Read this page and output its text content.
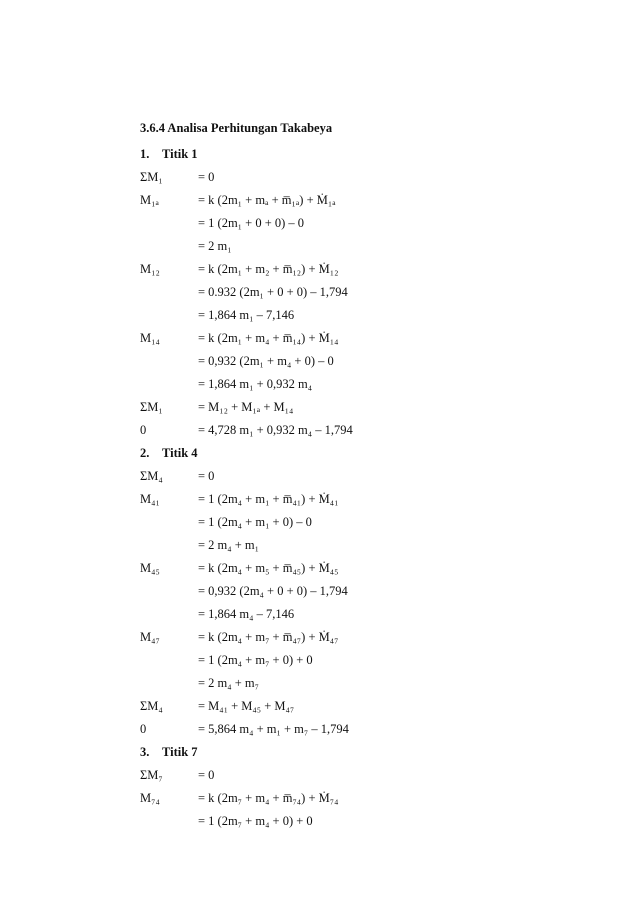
3.6.4 Analisa Perhitungan Takabeya
1. Titik 1
ΣM₁	= 0
M₁ₐ	= k (2m₁ + mₐ + m̅₁ₐ) + Ṁ₁ₐ
= 1 (2m₁ + 0 + 0) – 0
= 2 m₁
M₁₂	= k (2m₁ + m₂ + m̅₁₂) + Ṁ₁₂
= 0.932 (2m₁ + 0 + 0) – 1,794
= 1,864 m₁ – 7,146
M₁₄	= k (2m₁ + m₄ + m̅₁₄) + Ṁ₁₄
= 0,932 (2m₁ + m₄ + 0) – 0
= 1,864 m₁ + 0,932 m₄
ΣM₁	= M₁₂ + M₁ₐ + M₁₄
0	= 4,728 m₁ + 0,932 m₄ – 1,794
2. Titik 4
ΣM₄	= 0
M₄₁	= 1 (2m₄ + m₁ + m̅₄₁) + Ṁ₄₁
= 1 (2m₄ + m₁ + 0) – 0
= 2 m₄ + m₁
M₄₅	= k (2m₄ + m₅ + m̅₄₅) + Ṁ₄₅
= 0,932 (2m₄ + 0 + 0) – 1,794
= 1,864 m₄ – 7,146
M₄₇	= k (2m₄ + m₇ + m̅₄₇) + Ṁ₄₇
= 1 (2m₄ + m₇ + 0) + 0
= 2 m₄ + m₇
ΣM₄	= M₄₁ + M₄₅ + M₄₇
0	= 5,864 m₄ + m₁ + m₇ – 1,794
3. Titik 7
ΣM₇	= 0
M₇₄	= k (2m₇ + m₄ + m̅₇₄) + Ṁ₇₄
= 1 (2m₇ + m₄ + 0) + 0
